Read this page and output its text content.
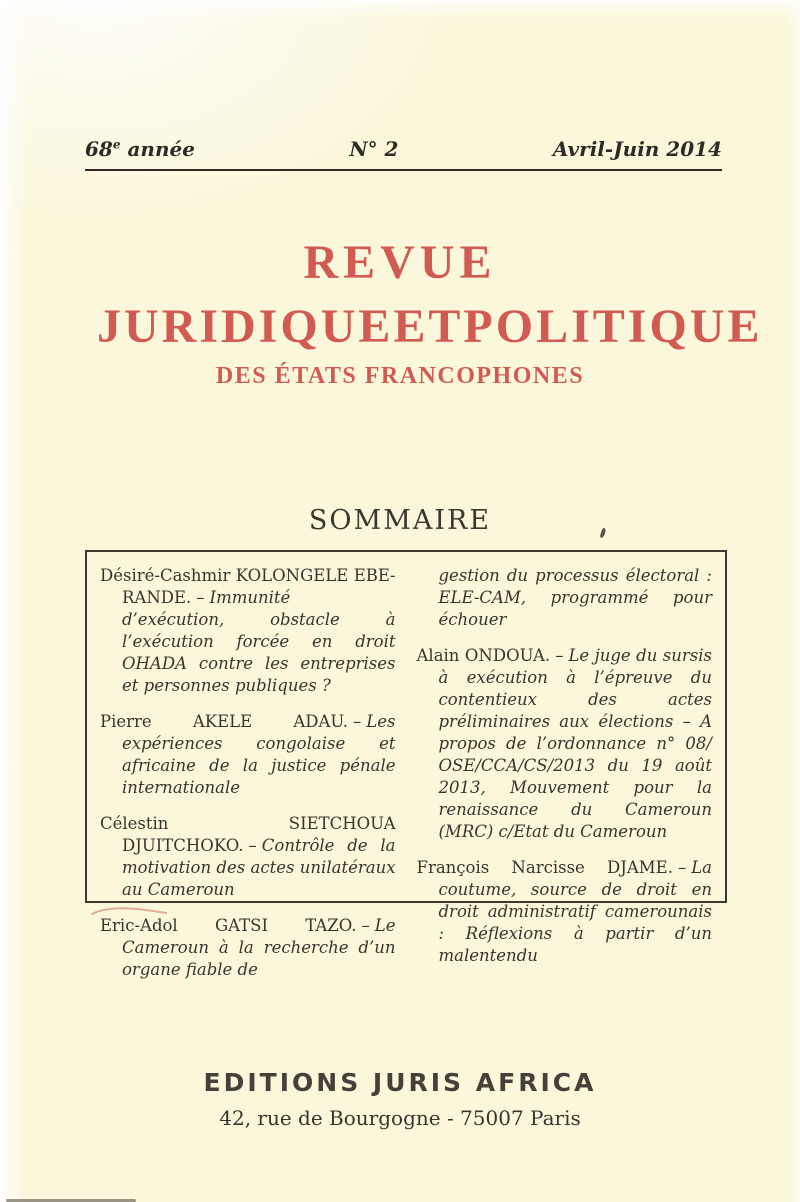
68e année	N° 2	Avril-Juin 2014
REVUE
JURIDIQUE ET POLITIQUE
DES ÉTATS FRANCOPHONES
SOMMAIRE

Désiré-Cashmir KOLONGELE EBERANDE. – Immunité d’exécution, obstacle à l’exécution forcée en droit OHADA contre les entreprises et personnes publiques ?

Pierre AKELE ADAU. – Les expériences congolaise et africaine de la justice pénale internationale

Célestin SIETCHOUA DJUITCHOKO. – Contrôle de la motivation des actes unilatéraux au Cameroun

Eric-Adol GATSI TAZO. – Le Cameroun à la recherche d’un organe fiable de

gestion du processus électoral : ELE-CAM, programmé pour échouer

Alain ONDOUA. – Le juge du sursis à exécution à l’épreuve du contentieux des actes préliminaires aux élections – A propos de l’ordonnance n° 08/​OSE/​CCA/​CS/​2013 du 19 août 2013, Mouvement pour la renaissance du Cameroun (MRC) c/Etat du Cameroun

François Narcisse DJAME. – La coutume, source de droit en droit administratif camerounais : Réflexions à partir d’un malentendu

EDITIONS JURIS AFRICA
42, rue de Bourgogne - 75007 Paris
